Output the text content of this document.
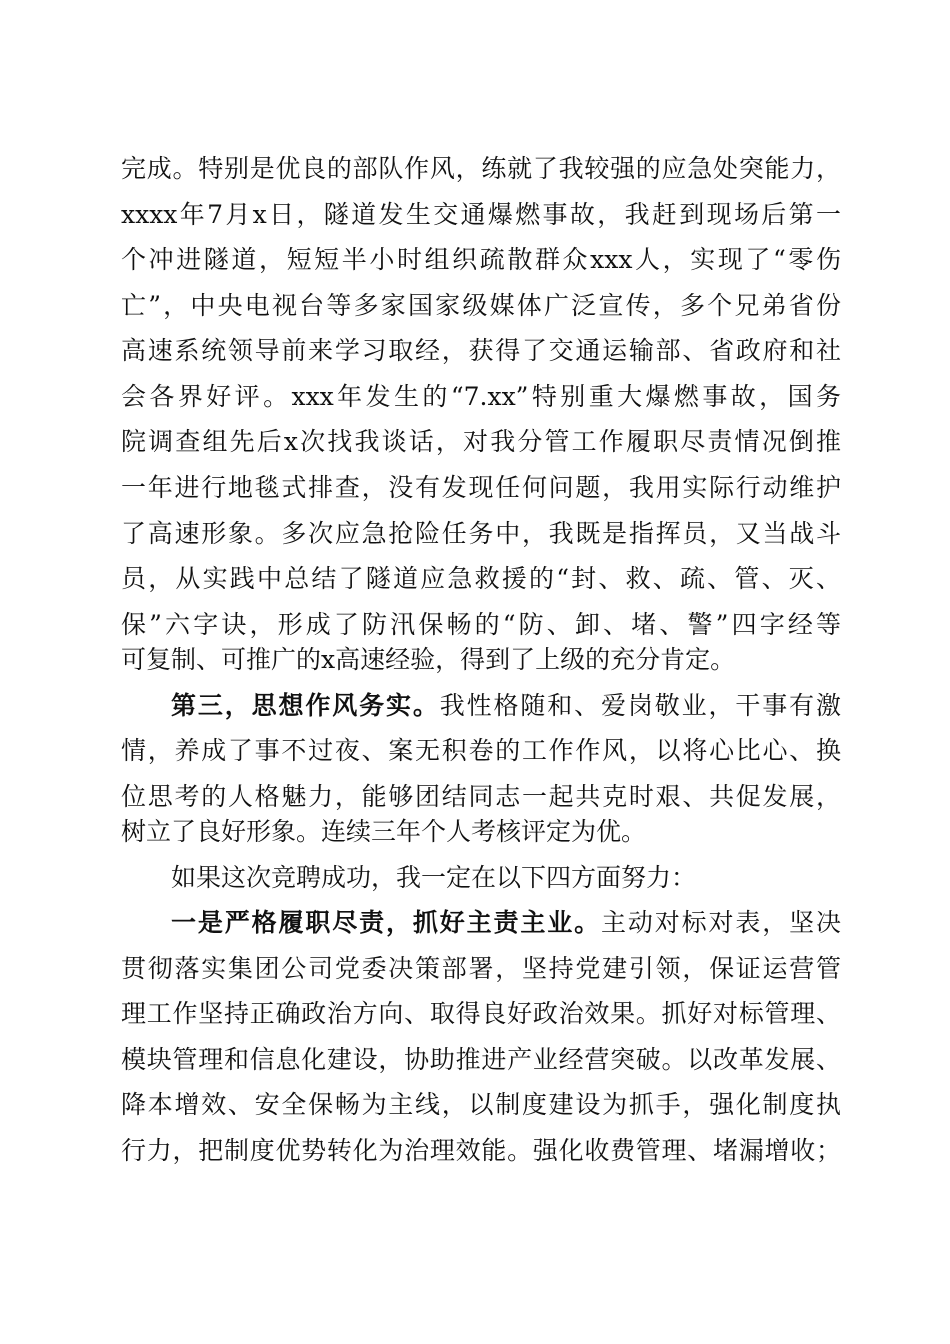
完成。特别是优良的部队作风，练就了我较强的应急处突能力，
xxxx年7月x日，隧道发生交通爆燃事故，我赶到现场后第一
个冲进隧道，短短半小时组织疏散群众xxx人，实现了“零伤
亡”，中央电视台等多家国家级媒体广泛宣传，多个兄弟省份
高速系统领导前来学习取经，获得了交通运输部、省政府和社
会各界好评。xxx年发生的“7.xx”特别重大爆燃事故，国务
院调查组先后x次找我谈话，对我分管工作履职尽责情况倒推
一年进行地毯式排查，没有发现任何问题，我用实际行动维护
了高速形象。多次应急抢险任务中，我既是指挥员，又当战斗
员，从实践中总结了隧道应急救援的“封、救、疏、管、灭、
保”六字诀，形成了防汛保畅的“防、卸、堵、警”四字经等
可复制、可推广的x高速经验，得到了上级的充分肯定。
第三，思想作风务实。我性格随和、爱岗敬业，干事有激
情，养成了事不过夜、案无积卷的工作作风，以将心比心、换
位思考的人格魅力，能够团结同志一起共克时艰、共促发展，
树立了良好形象。连续三年个人考核评定为优。
如果这次竞聘成功，我一定在以下四方面努力：
一是严格履职尽责，抓好主责主业。主动对标对表，坚决
贯彻落实集团公司党委决策部署，坚持党建引领，保证运营管
理工作坚持正确政治方向、取得良好政治效果。抓好对标管理、
模块管理和信息化建设，协助推进产业经营突破。以改革发展、
降本增效、安全保畅为主线，以制度建设为抓手，强化制度执
行力，把制度优势转化为治理效能。强化收费管理、堵漏增收；
